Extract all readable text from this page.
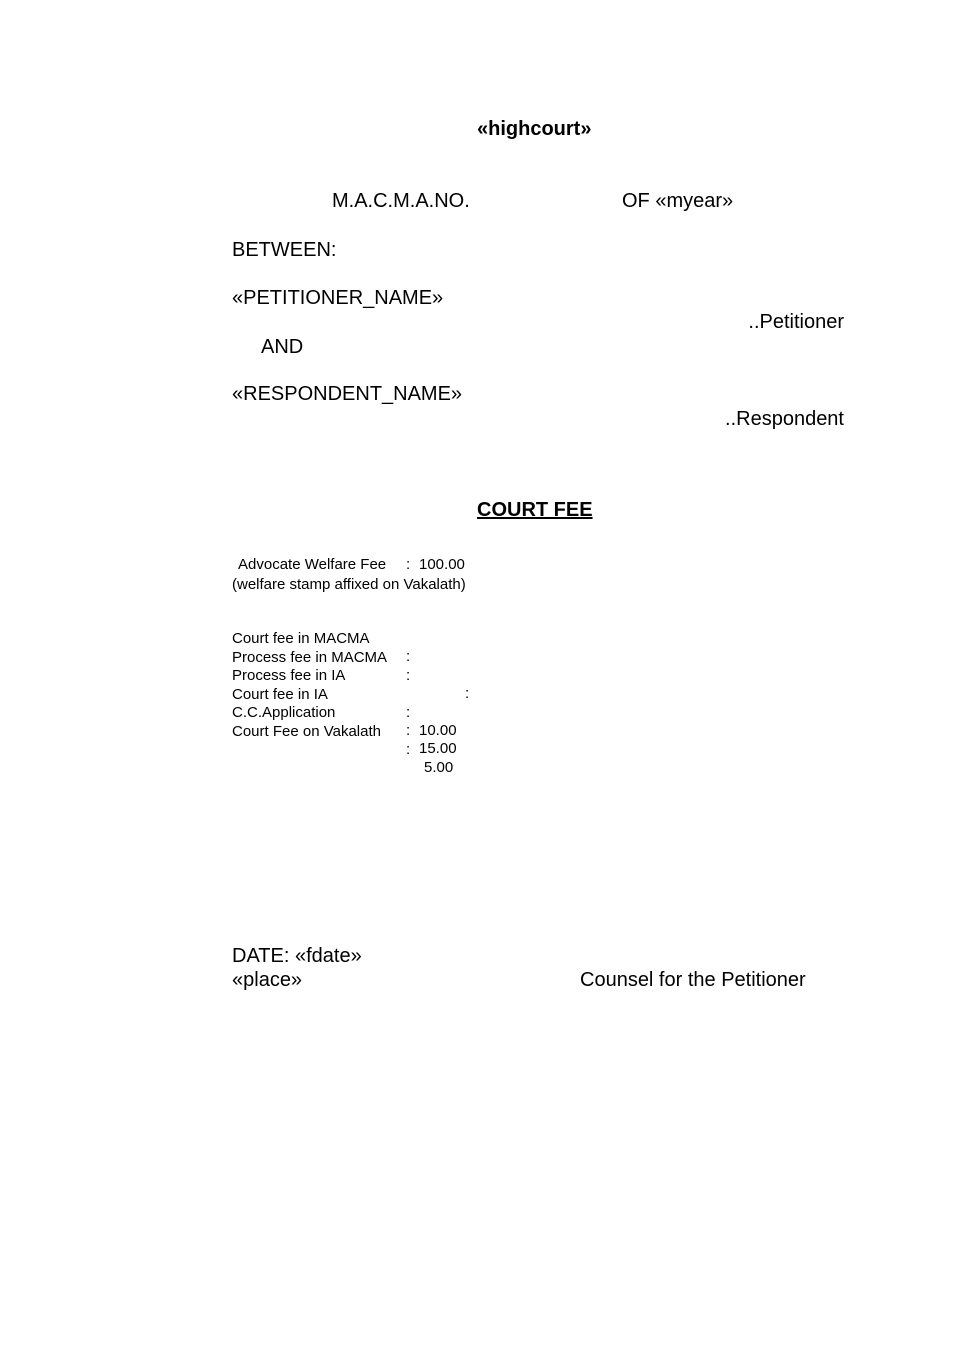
«highcourt»
M.A.C.M.A.NO.	OF «myear»
BETWEEN:
«PETITIONER_NAME»
..Petitioner
AND
«RESPONDENT_NAME»
..Respondent
COURT FEE
Advocate Welfare Fee : 100.00
(welfare stamp affixed on Vakalath)

Court fee in MACMA

:

Process fee in MACMA

:

Process fee in IA

:

Court fee in IA

:

10.00

C.C.Application

:

15.00

Court Fee on Vakalath

:

5.00

DATE: «fdate»
«place»	Counsel for the Petitioner
